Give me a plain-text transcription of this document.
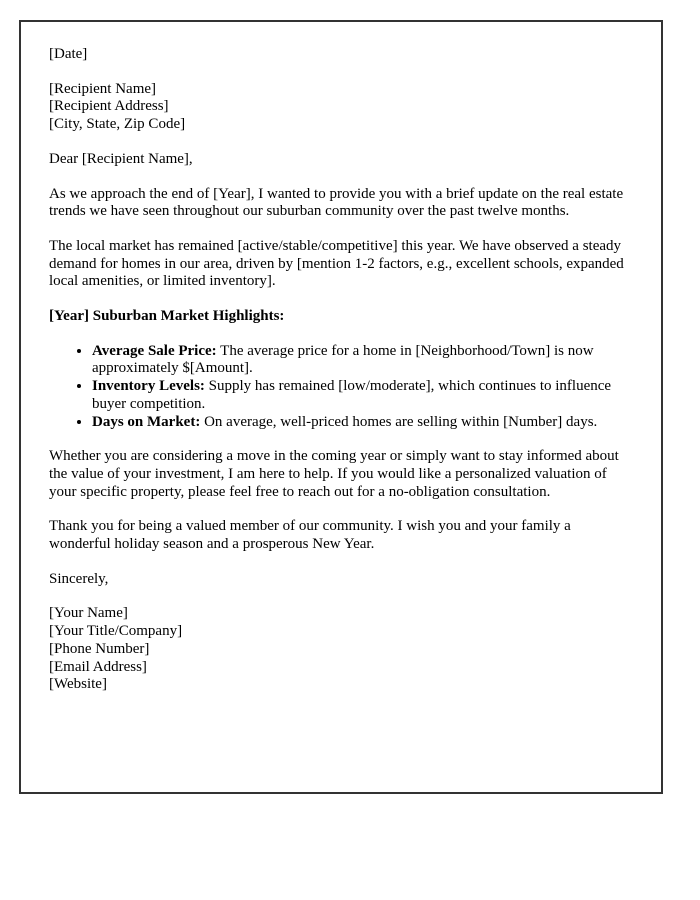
[Date]

[Recipient Name]

[Recipient Address]

[City, State, Zip Code]

Dear [Recipient Name],

As we approach the end of [Year], I wanted to provide you with a brief update on the real estate trends we have seen throughout our suburban community over the past twelve months.

The local market has remained [active/stable/competitive] this year. We have observed a steady demand for homes in our area, driven by [mention 1-2 factors, e.g., excellent schools, expanded local amenities, or limited inventory].

[Year] Suburban Market Highlights:

• Average Sale Price: The average price for a home in [Neighborhood/Town] is now approximately $[Amount].
• Inventory Levels: Supply has remained [low/moderate], which continues to influence buyer competition.
• Days on Market: On average, well-priced homes are selling within [Number] days.

Whether you are considering a move in the coming year or simply want to stay informed about the value of your investment, I am here to help. If you would like a personalized valuation of your specific property, please feel free to reach out for a no-obligation consultation.

Thank you for being a valued member of our community. I wish you and your family a wonderful holiday season and a prosperous New Year.

Sincerely,

[Your Name]

[Your Title/Company]

[Phone Number]

[Email Address]

[Website]
